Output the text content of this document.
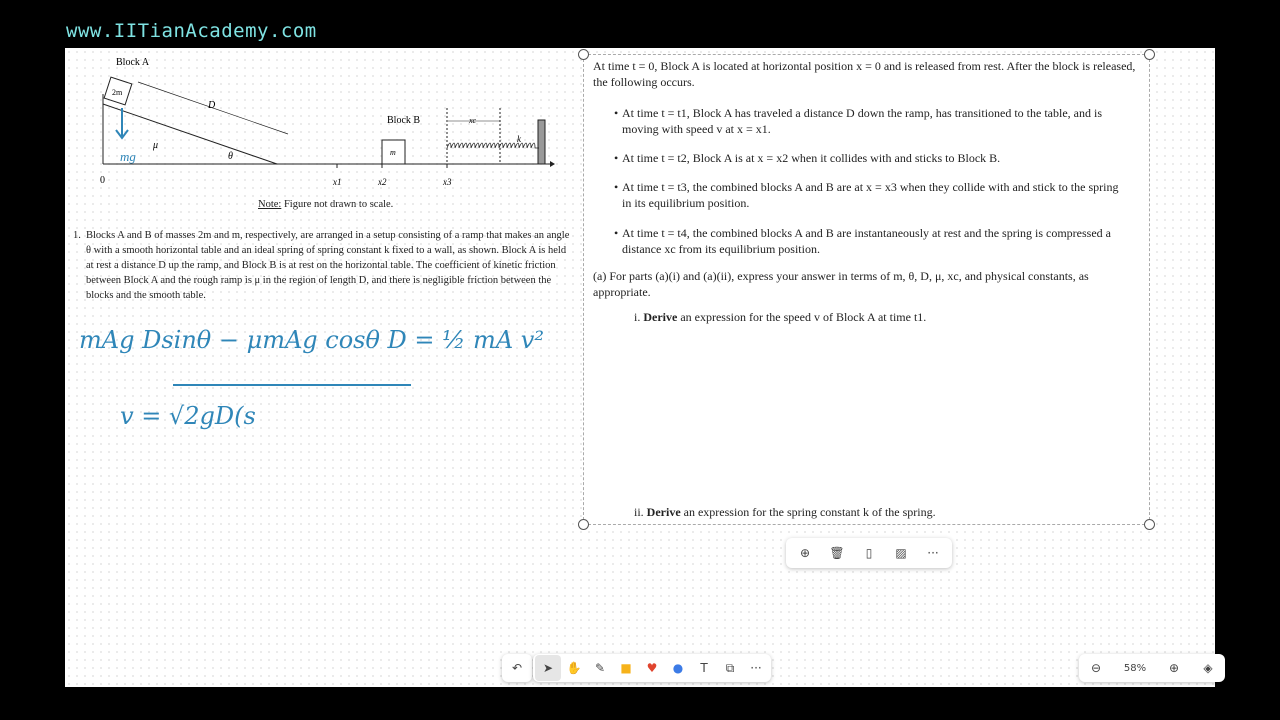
www.IITianAcademy.com
Block A
2m
D
μ
θ
Block B
m
xc
k
0	x1	x2	x3
mg
Note: Figure not drawn to scale.
1. Blocks A and B of masses 2m and m, respectively, are arranged in a setup consisting of a ramp that makes an angle θ with a smooth horizontal table and an ideal spring of spring constant k fixed to a wall, as shown. Block A is held at rest a distance D up the ramp, and Block B is at rest on the horizontal table. The coefficient of kinetic friction between Block A and the rough ramp is μ in the region of length D, and there is negligible friction between the blocks and the smooth table.

mAg Dsinθ − μmAg cosθ D = ½ mA v²
v = √2gD(s

At time t = 0, Block A is located at horizontal position x = 0 and is released from rest. After the block is released, the following occurs.

• At time t = t1, Block A has traveled a distance D down the ramp, has transitioned to the table, and is moving with speed v at x = x1.

• At time t = t2, Block A is at x = x2 when it collides with and sticks to Block B.

• At time t = t3, the combined blocks A and B are at x = x3 when they collide with and stick to the spring in its equilibrium position.

• At time t = t4, the combined blocks A and B are instantaneously at rest and the spring is compressed a distance xc from its equilibrium position.

(a) For parts (a)(i) and (a)(ii), express your answer in terms of m, θ, D, μ, xc, and physical constants, as appropriate.

i. Derive an expression for the speed v of Block A at time t1.

ii. Derive an expression for the spring constant k of the spring.

⊕	🗑	▯	▨	···
↶	➤	✋	✎	■	♥	●	T	⧉	···	⊖	58%	⊕	◈
